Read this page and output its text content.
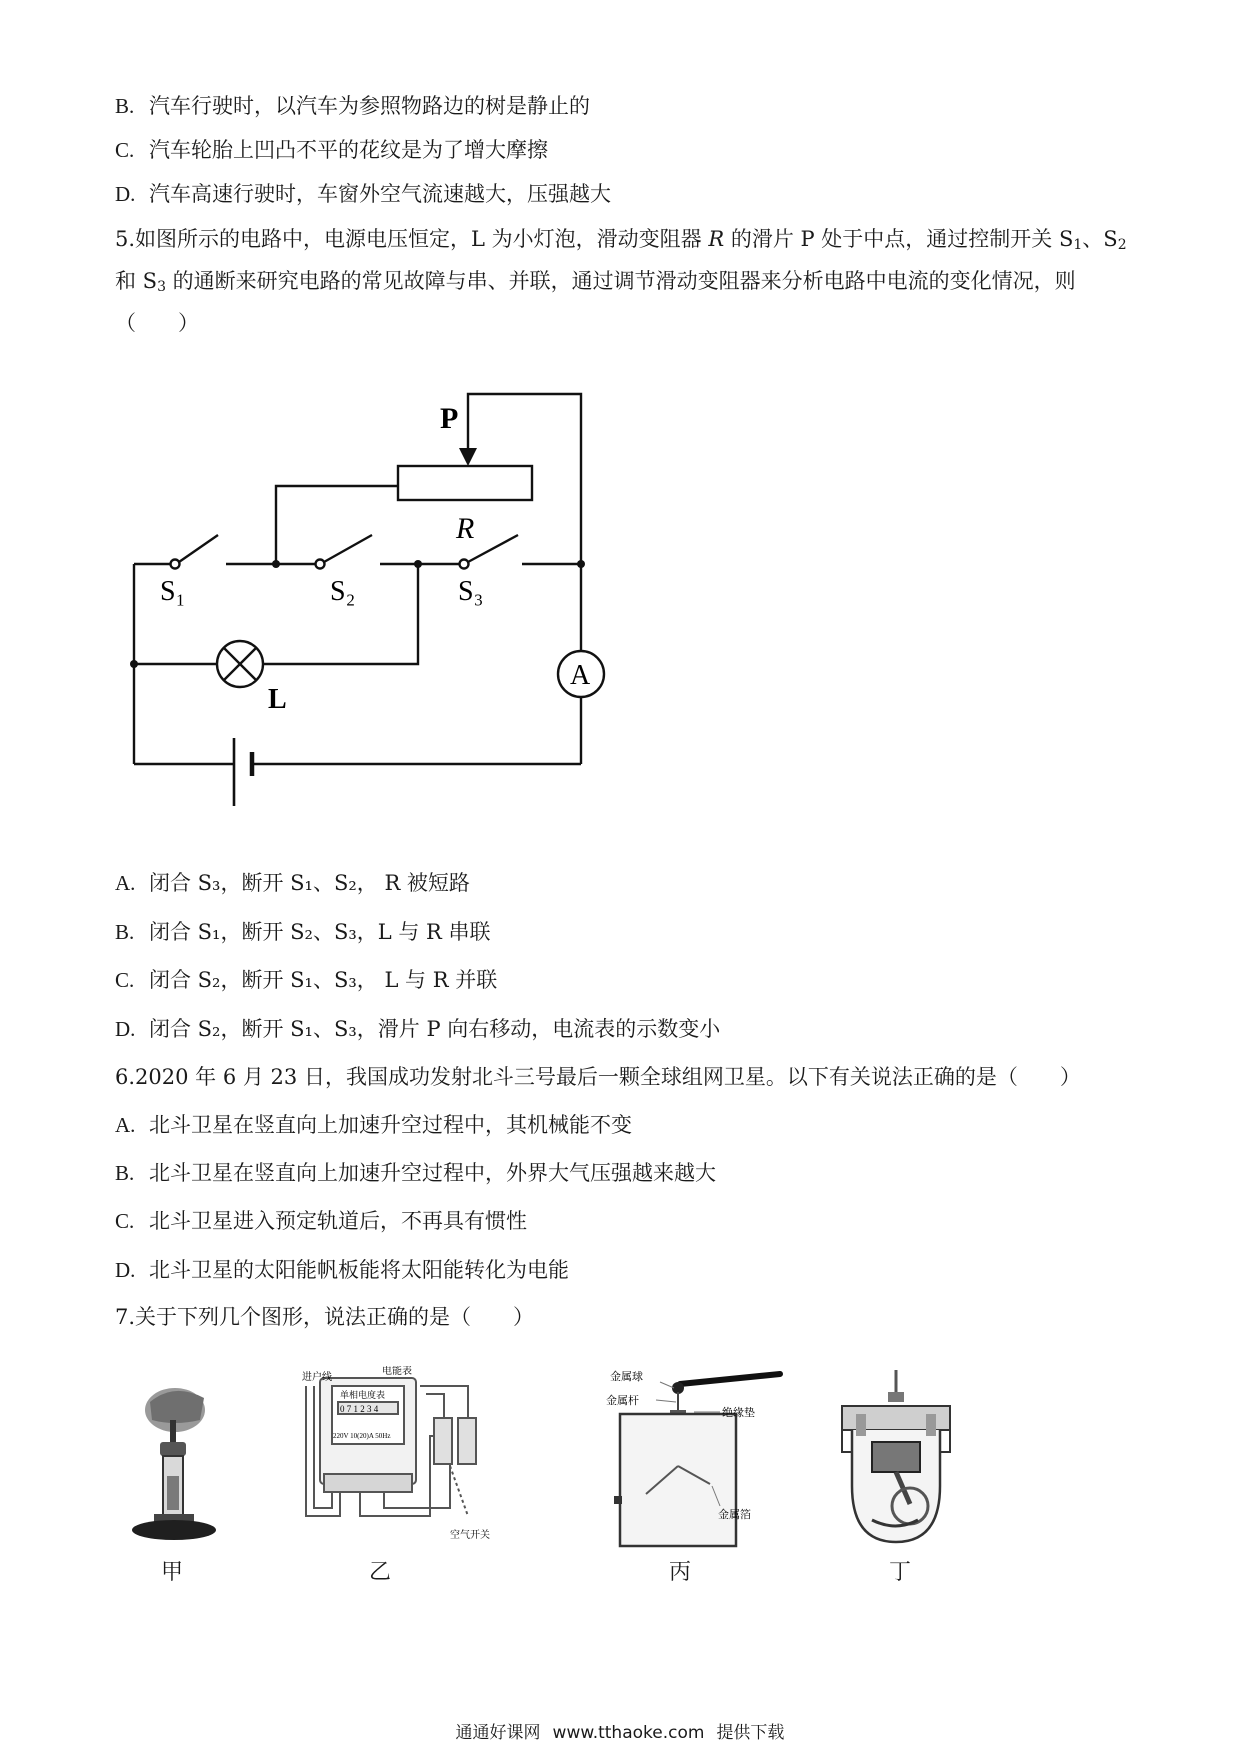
B. 汽车行驶时，以汽车为参照物路边的树是静止的
C. 汽车轮胎上凹凸不平的花纹是为了增大摩擦
D. 汽车高速行驶时，车窗外空气流速越大，压强越大
5.如图所示的电路中，电源电压恒定，L 为小灯泡，滑动变阻器 R 的滑片 P 处于中点，通过控制开关 $S_1$、$S_2$
和 $S_3$ 的通断来研究电路的常见故障与串、并联，通过调节滑动变阻器来分析电路中电流的变化情况，则
（　　）
P
R
S₁	S₂	S₃
L
A
A. 闭合 S₃，断开 S₁、S₂， R 被短路
B. 闭合 S₁，断开 S₂、S₃，L 与 R 串联
C. 闭合 S₂，断开 S₁、S₃， L 与 R 并联
D. 闭合 S₂，断开 S₁、S₃，滑片 P 向右移动，电流表的示数变小
6.2020 年 6 月 23 日，我国成功发射北斗三号最后一颗全球组网卫星。以下有关说法正确的是（　　）
A. 北斗卫星在竖直向上加速升空过程中，其机械能不变
B. 北斗卫星在竖直向上加速升空过程中，外界大气压强越来越大
C. 北斗卫星进入预定轨道后，不再具有惯性
D. 北斗卫星的太阳能帆板能将太阳能转化为电能
7.关于下列几个图形，说法正确的是（　　）
甲
进户线
电能表
单相电度表
0 7 1 2 3 4
220V 10(20)A 50Hz
空气开关
乙
金属球
金属杆
绝缘垫
金属箔
丙	丁
通通好课网 www.tthaoke.com 提供下载
